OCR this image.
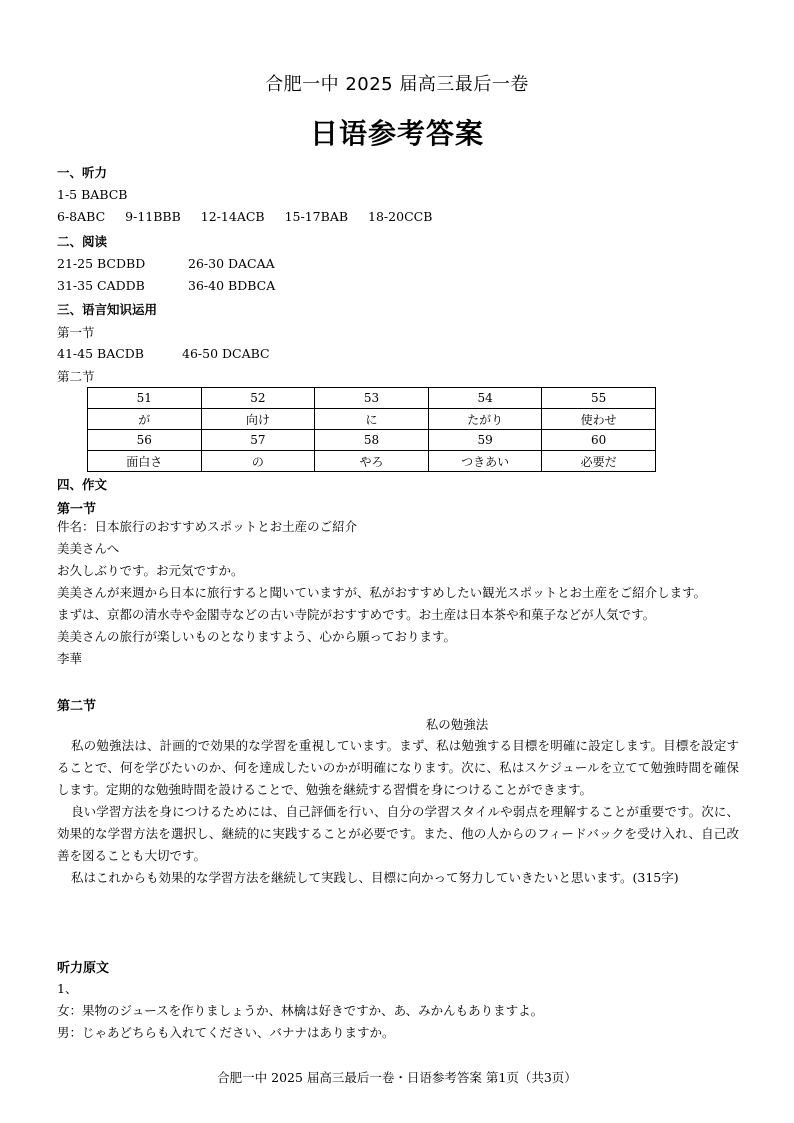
合肥一中 2025 届高三最后一卷
日语参考答案
一、听力
1-5 BABCB
6-8ABC 9-11BBB 12-14ACB 15-17BAB 18-20CCB
二、阅读
21-25 BCDBD	26-30 DACAA
31-35 CADDB	36-40 BDBCA
三、语言知识运用
第一节
41-45 BACDB	46-50 DCABC
第二节
51	52	53	54	55
が	向け	に	たがり	使わせ
56	57	58	59	60
面白さ	の	やろ	つきあい	必要だ
四、作文
第一节
件名：日本旅行のおすすめスポットとお土産のご紹介
美美さんへ
お久しぶりです。お元気ですか。
美美さんが来週から日本に旅行すると聞いていますが、私がおすすめしたい観光スポットとお土産をご紹介します。
まずは、京都の清水寺や金閣寺などの古い寺院がおすすめです。お土産は日本茶や和菓子などが人気です。
美美さんの旅行が楽しいものとなりますよう、心から願っております。
李華
第二节
私の勉強法
私の勉強法は、計画的で効果的な学習を重視しています。まず、私は勉強する目標を明確に設定します。目標を設定することで、何を学びたいのか、何を達成したいのかが明確になります。次に、私はスケジュールを立てて勉強時間を確保します。定期的な勉強時間を設けることで、勉強を継続する習慣を身につけることができます。
良い学習方法を身につけるためには、自己評価を行い、自分の学習スタイルや弱点を理解することが重要です。次に、効果的な学習方法を選択し、継続的に実践することが必要です。また、他の人からのフィードバックを受け入れ、自己改善を図ることも大切です。
私はこれからも効果的な学習方法を継続して実践し、目標に向かって努力していきたいと思います。(315字)
听力原文
1、
女：果物のジュースを作りましょうか、林檎は好きですか、あ、みかんもありますよ。
男：じゃあどちらも入れてください、バナナはありますか。
合肥一中 2025 届高三最后一卷・日语参考答案 第1页（共3页）
